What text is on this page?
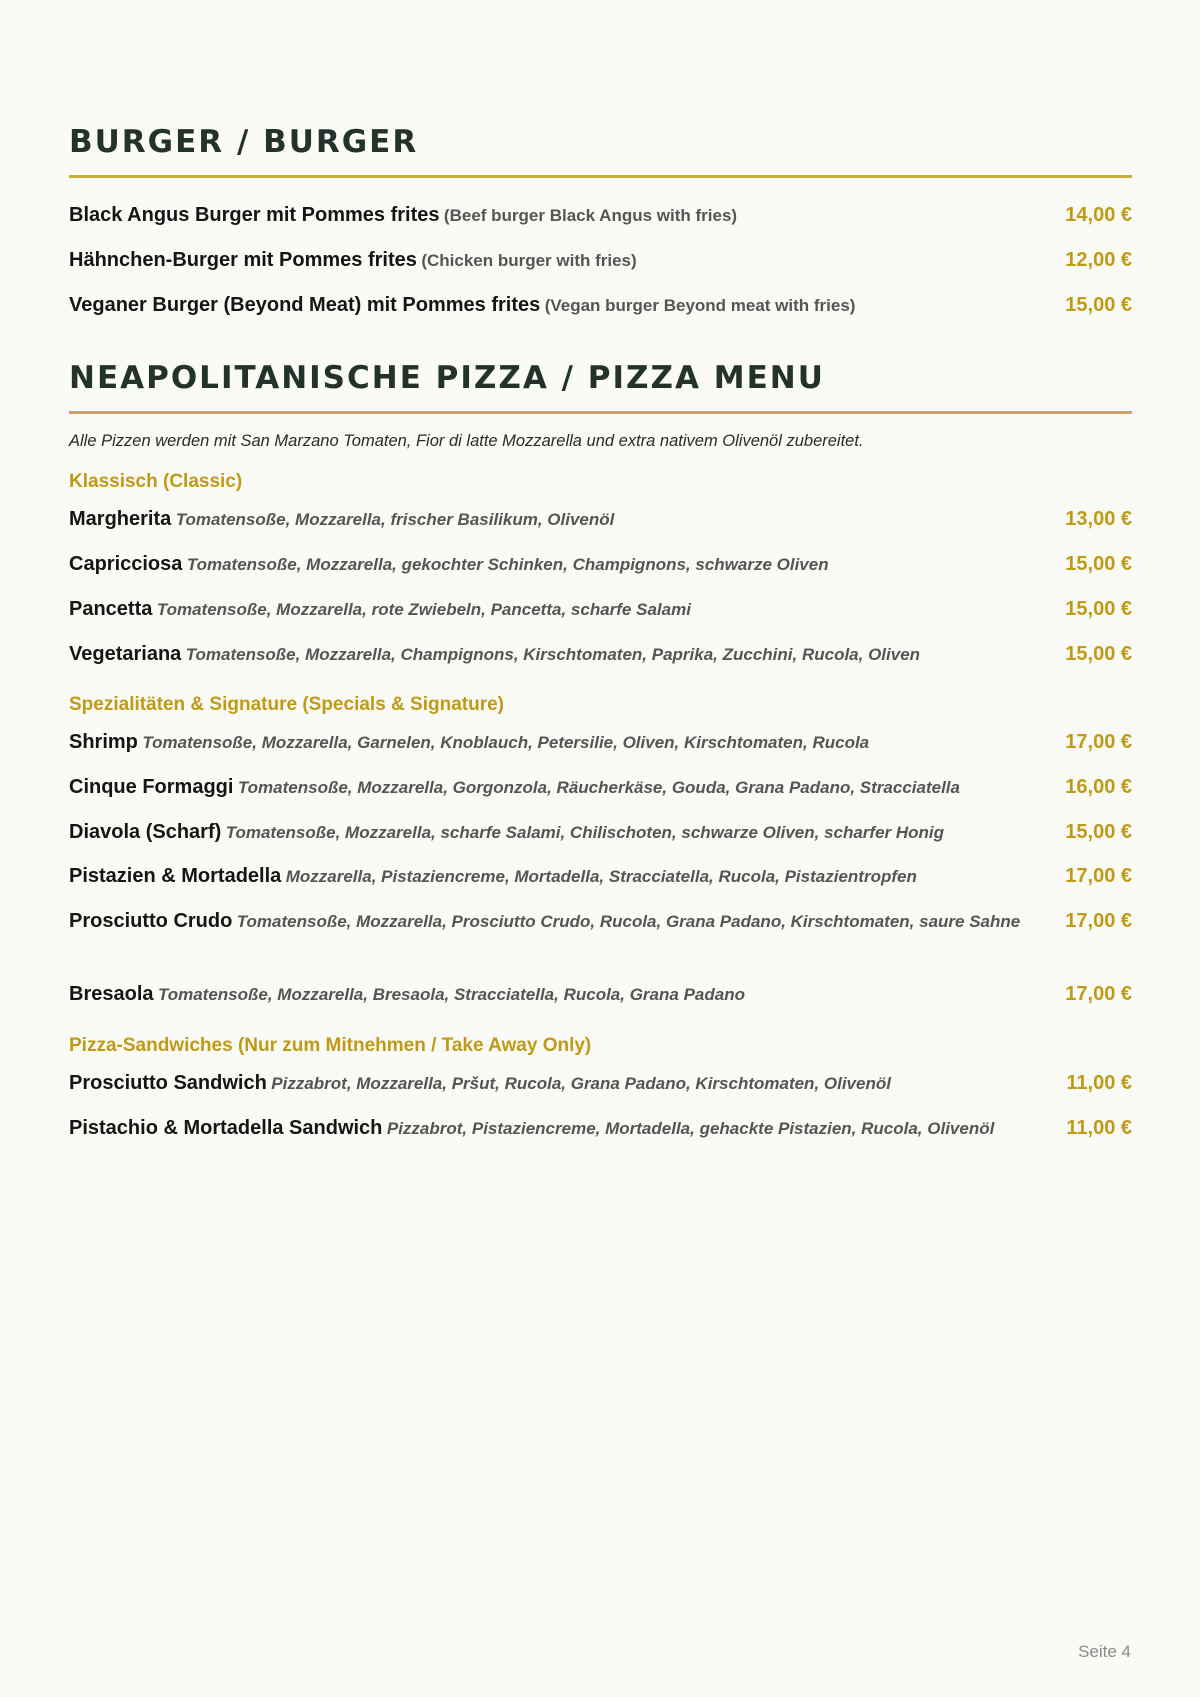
BURGER / BURGER
Black Angus Burger mit Pommes frites (Beef burger Black Angus with fries)	14,00 €
Hähnchen-Burger mit Pommes frites (Chicken burger with fries)	12,00 €
Veganer Burger (Beyond Meat) mit Pommes frites (Vegan burger Beyond meat with fries)	15,00 €
NEAPOLITANISCHE PIZZA / PIZZA MENU
Alle Pizzen werden mit San Marzano Tomaten, Fior di latte Mozzarella und extra nativem Olivenöl zubereitet.
Klassisch (Classic)
Margherita Tomatensoße, Mozzarella, frischer Basilikum, Olivenöl	13,00 €
Capricciosa Tomatensoße, Mozzarella, gekochter Schinken, Champignons, schwarze Oliven	15,00 €
Pancetta Tomatensoße, Mozzarella, rote Zwiebeln, Pancetta, scharfe Salami	15,00 €
Vegetariana Tomatensoße, Mozzarella, Champignons, Kirschtomaten, Paprika, Zucchini, Rucola, Oliven	15,00 €
Spezialitäten & Signature (Specials & Signature)
Shrimp Tomatensoße, Mozzarella, Garnelen, Knoblauch, Petersilie, Oliven, Kirschtomaten, Rucola	17,00 €
Cinque Formaggi Tomatensoße, Mozzarella, Gorgonzola, Räucherkäse, Gouda, Grana Padano, Stracciatella	16,00 €
Diavola (Scharf) Tomatensoße, Mozzarella, scharfe Salami, Chilischoten, schwarze Oliven, scharfer Honig	15,00 €
Pistazien & Mortadella Mozzarella, Pistaziencreme, Mortadella, Stracciatella, Rucola, Pistazientropfen	17,00 €
Prosciutto Crudo Tomatensoße, Mozzarella, Prosciutto Crudo, Rucola, Grana Padano, Kirschtomaten, saure Sahne	17,00 €
Bresaola Tomatensoße, Mozzarella, Bresaola, Stracciatella, Rucola, Grana Padano	17,00 €
Pizza-Sandwiches (Nur zum Mitnehmen / Take Away Only)
Prosciutto Sandwich Pizzabrot, Mozzarella, Pršut, Rucola, Grana Padano, Kirschtomaten, Olivenöl	11,00 €
Pistachio & Mortadella Sandwich Pizzabrot, Pistaziencreme, Mortadella, gehackte Pistazien, Rucola, Olivenöl	11,00 €
Seite 4
